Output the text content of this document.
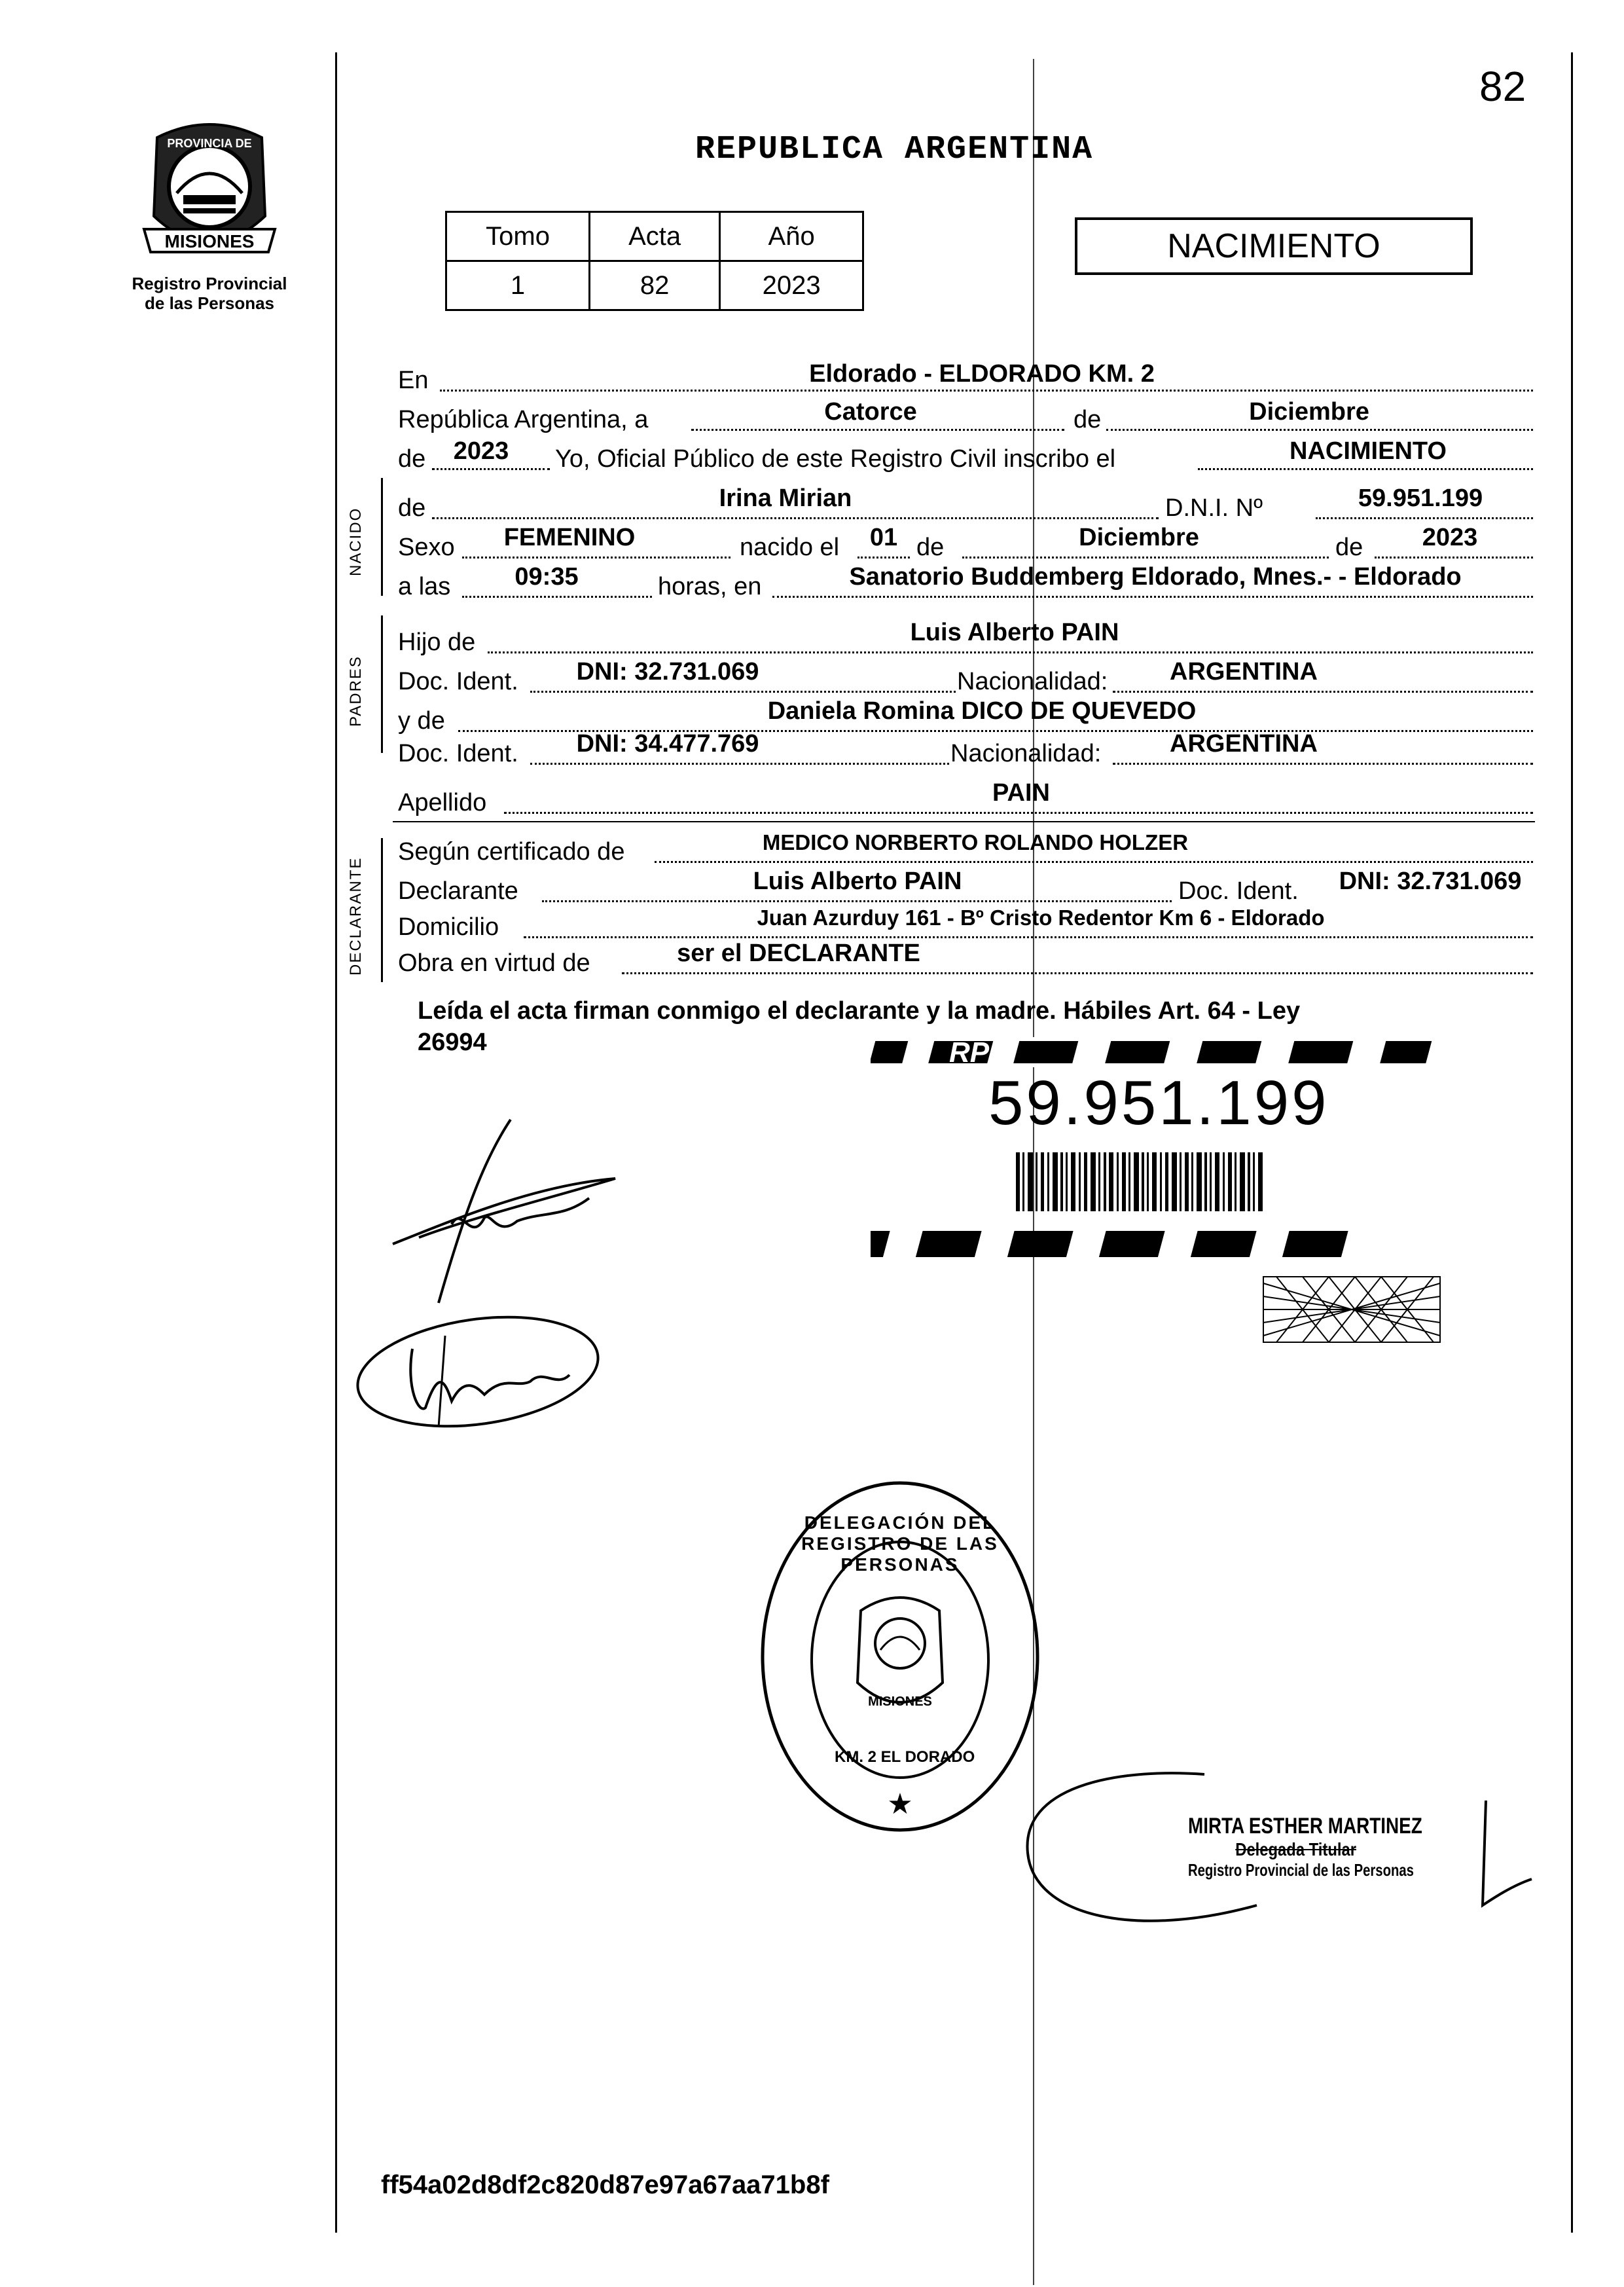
82
MISIONES
PROVINCIA DE
Registro Provincial
de las Personas
REPUBLICA ARGENTINA
Tomo	Acta	Año
1	82	2023
NACIMIENTO
En	Eldorado - ELDORADO KM. 2
República Argentina, a	Catorce	de	Diciembre
de	2023	Yo, Oficial Público de este Registro Civil inscribo el	NACIMIENTO
NACIDO de	Irina Mirian	D.N.I. Nº	59.951.199
Sexo	FEMENINO	nacido el	01 de	Diciembre	de	2023
a las	09:35	horas, en	Sanatorio Buddemberg Eldorado, Mnes.- - Eldorado
PADRES
Hijo de	Luis Alberto PAIN
Doc. Ident.	DNI: 32.731.069	Nacionalidad:	ARGENTINA
y de	Daniela Romina DICO DE QUEVEDO
Doc. Ident.	DNI: 34.477.769	Nacionalidad:	ARGENTINA
Apellido	PAIN
DECLARANTE
Según certificado de	MEDICO NORBERTO ROLANDO HOLZER
Declarante	Luis Alberto PAIN	Doc. Ident.	DNI: 32.731.069
Domicilio	Juan Azurduy 161 - Bº Cristo Redentor Km 6 - Eldorado
Obra en virtud de	ser el DECLARANTE
Leída el acta firman conmigo el declarante y la madre. Hábiles Art. 64 - Ley
26994	RP
59.951.199
MISIONES
★
DELEGACIÓN DEL REGISTRO DE LAS PERSONAS
KM. 2 EL DORADO
MIRTA ESTHER MARTINEZ
Delegada Titular
Registro Provincial de las Personas
ff54a02d8df2c820d87e97a67aa71b8f
